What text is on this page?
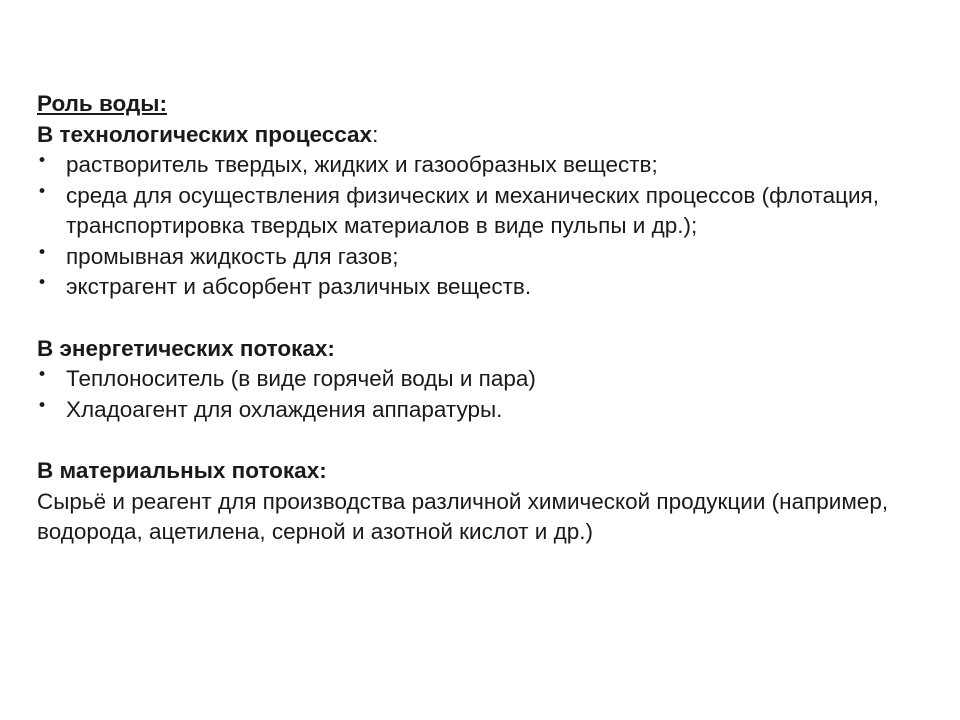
Роль воды:
В технологических процессах:
• растворитель твердых, жидких и газообразных веществ;
• среда для осуществления физических и механических процессов (флотация, транспортировка твердых материалов в виде пульпы и др.);
• промывная жидкость для газов;
• экстрагент и абсорбент различных веществ.
В энергетических потоках:
• Теплоноситель (в виде горячей воды и пара)
• Хладоагент для охлаждения аппаратуры.
В материальных потоках:

Сырьё и реагент для производства различной химической продукции (например, водорода, ацетилена, серной и азотной кислот и др.)
